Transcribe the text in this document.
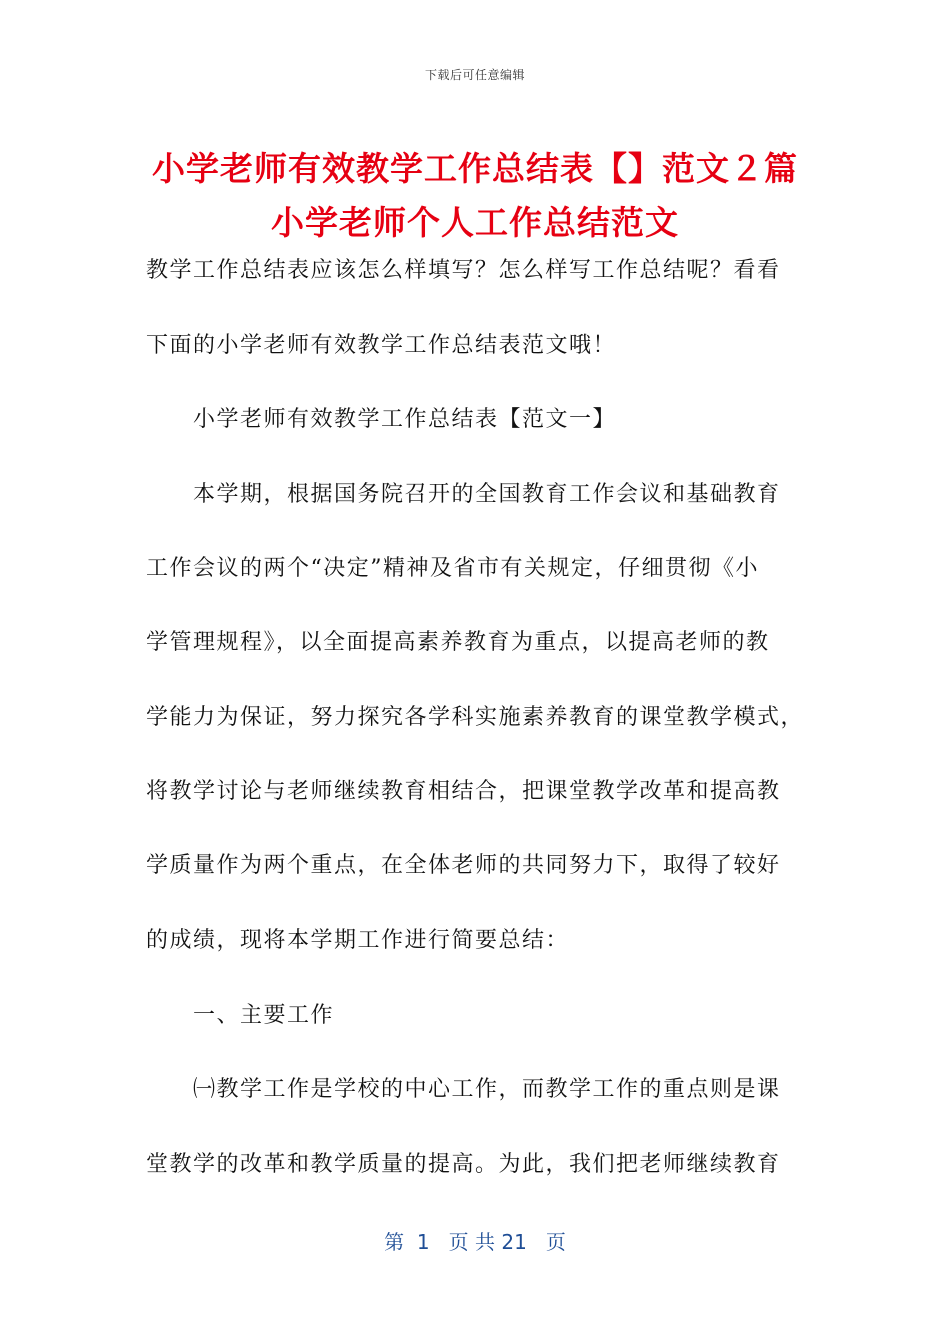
下载后可任意编辑
小学老师有效教学工作总结表【】范文２篇
小学老师个人工作总结范文
教学工作总结表应该怎么样填写？怎么样写工作总结呢？看看
下面的小学老师有效教学工作总结表范文哦！
小学老师有效教学工作总结表【范文一】
本学期，根据国务院召开的全国教育工作会议和基础教育
工作会议的两个“决定”精神及省市有关规定，仔细贯彻《小
学管理规程》，以全面提高素养教育为重点，以提高老师的教
学能力为保证，努力探究各学科实施素养教育的课堂教学模式，
将教学讨论与老师继续教育相结合，把课堂教学改革和提高教
学质量作为两个重点，在全体老师的共同努力下，取得了较好
的成绩，现将本学期工作进行简要总结：
一、主要工作
㈠教学工作是学校的中心工作，而教学工作的重点则是课
堂教学的改革和教学质量的提高。为此，我们把老师继续教育
第  1   页 共 21   页
